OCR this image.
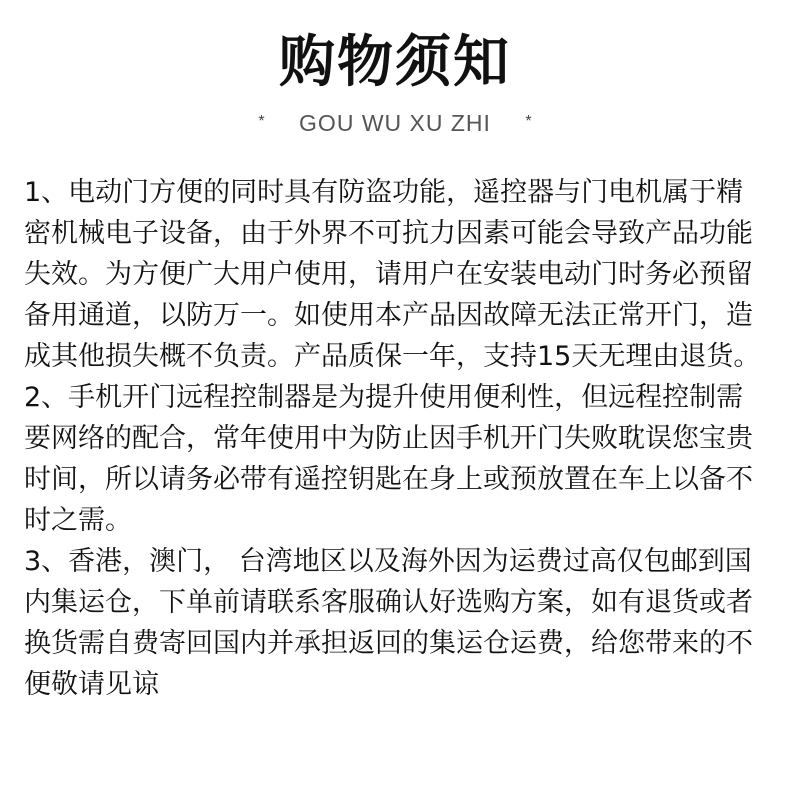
购物须知
* GOU WU XU ZHI *

1、电动门方便的同时具有防盗功能，遥控器与门电机属于精密机械电子设备，由于外界不可抗力因素可能会导致产品功能失效。为方便广大用户使用，请用户在安装电动门时务必预留备用通道，以防万一。如使用本产品因故障无法正常开门，造成其他损失概不负责。产品质保一年，支持15天无理由退货。

2、手机开门远程控制器是为提升使用便利性，但远程控制需要网络的配合，常年使用中为防止因手机开门失败耽误您宝贵时间，所以请务必带有遥控钥匙在身上或预放置在车上以备不时之需。

3、香港，澳门， 台湾地区以及海外因为运费过高仅包邮到国内集运仓，下单前请联系客服确认好选购方案，如有退货或者换货需自费寄回国内并承担返回的集运仓运费，给您带来的不便敬请见谅
